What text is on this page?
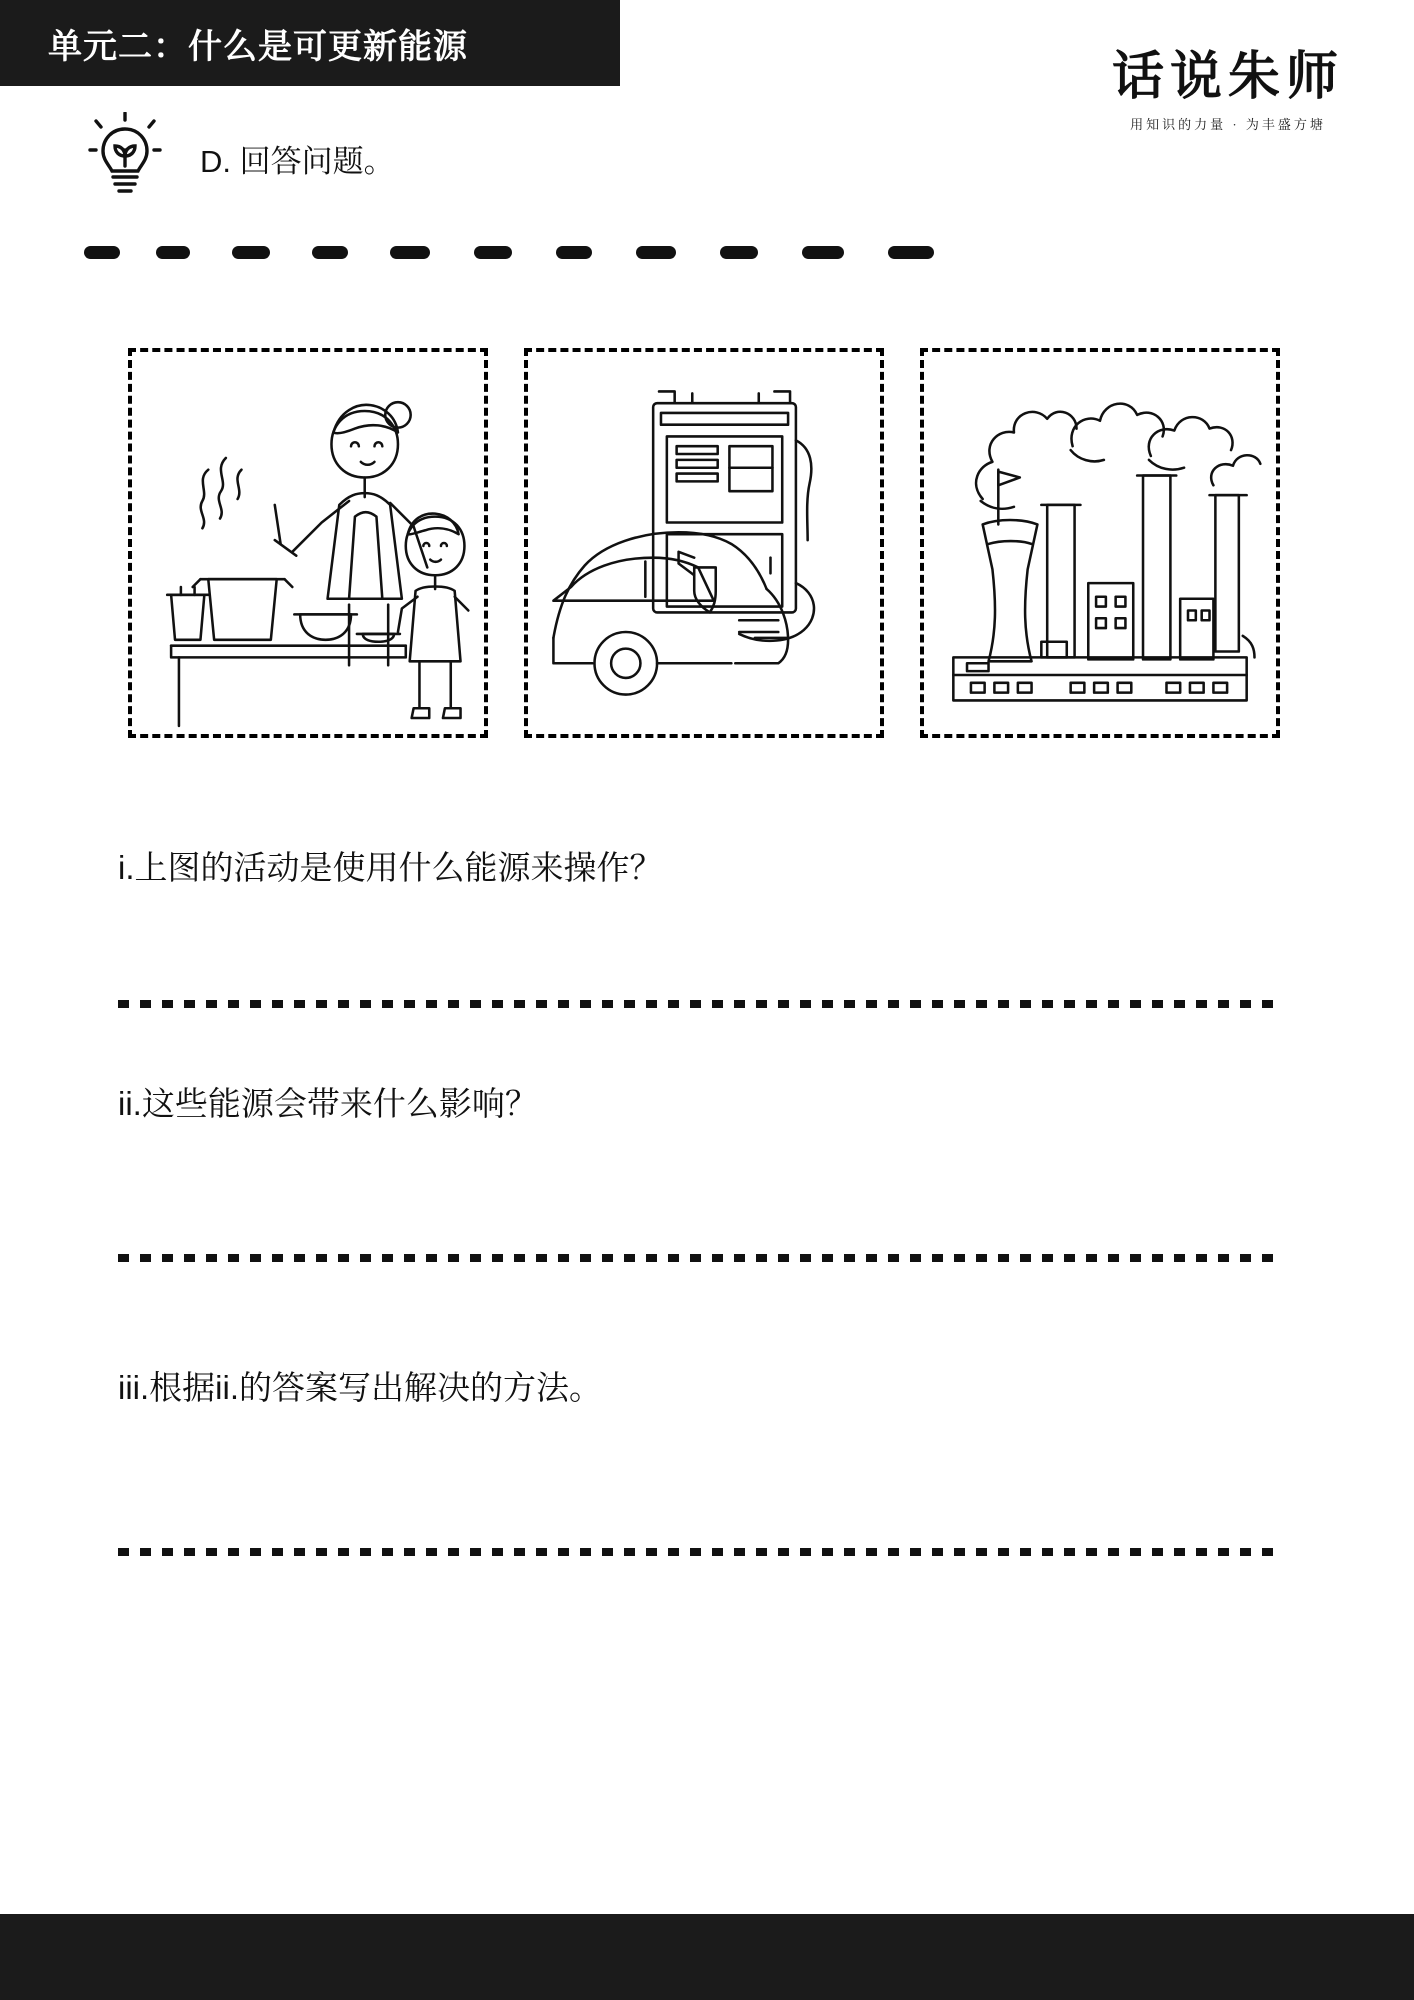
单元二：什么是可更新能源
话说朱师
用知识的力量 · 为丰盛方塘
D. 回答问题。
i.上图的活动是使用什么能源来操作？
ii.这些能源会带来什么影响？
iii.根据ii.的答案写出解决的方法。
